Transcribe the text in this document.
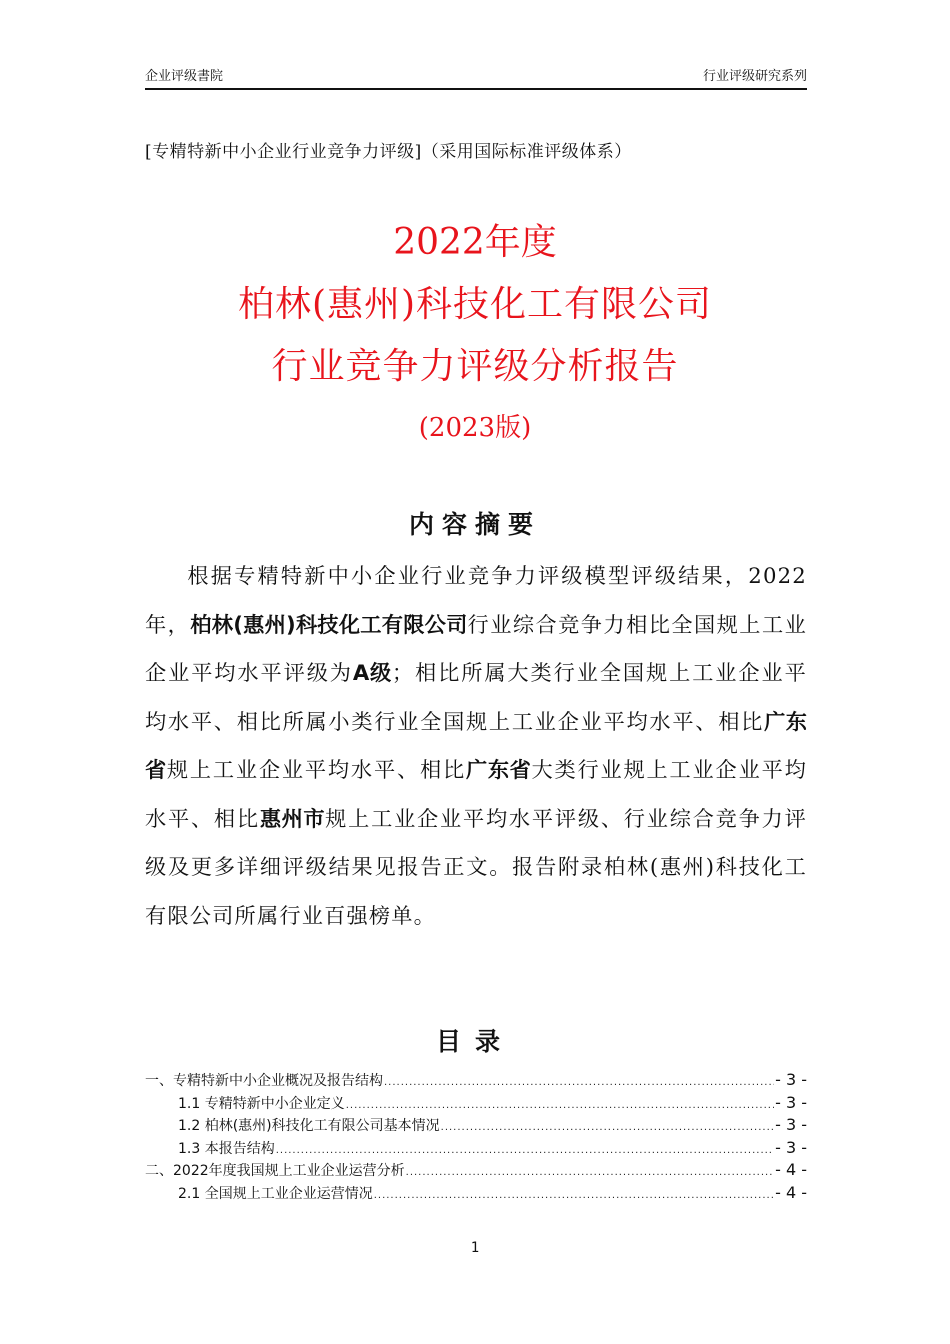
企业评级書院	行业评级研究系列
[专精特新中小企业行业竞争力评级]（采用国际标准评级体系）
2022年度
柏林(惠州)科技化工有限公司
行业竞争力评级分析报告
(2023版)
内容摘要
根据专精特新中小企业行业竞争力评级模型评级结果，2022年，柏林(惠州)科技化工有限公司行业综合竞争力相比全国规上工业企业平均水平评级为A级；相比所属大类行业全国规上工业企业平均水平、相比所属小类行业全国规上工业企业平均水平、相比广东省规上工业企业平均水平、相比广东省大类行业规上工业企业平均水平、相比惠州市规上工业企业平均水平评级、行业综合竞争力评级及更多详细评级结果见报告正文。报告附录柏林(惠州)科技化工有限公司所属行业百强榜单。
目录
一、专精特新中小企业概况及报告结构 .....	- 3 -
1.1 专精特新中小企业定义 .....	- 3 -
1.2 柏林(惠州)科技化工有限公司基本情况 .....	- 3 -
1.3 本报告结构 .....	- 3 -
二、2022年度我国规上工业企业运营分析 .....	- 4 -
2.1 全国规上工业企业运营情况 .....	- 4 -
1
